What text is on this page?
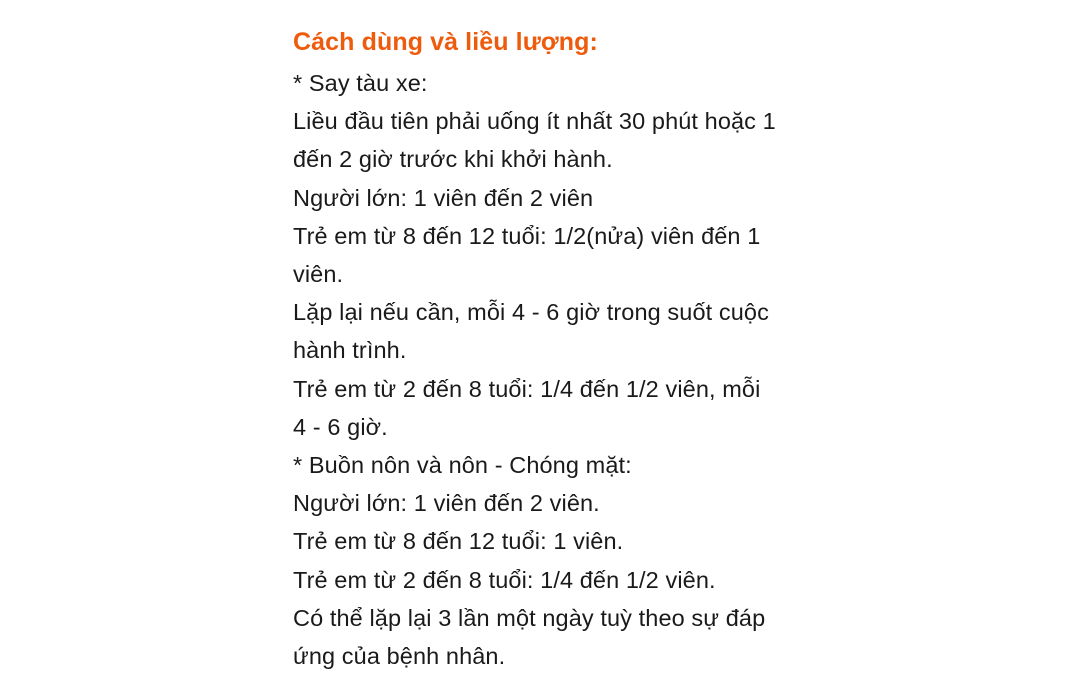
Cách dùng và liều lượng:
* Say tàu xe:
Liều đầu tiên phải uống ít nhất 30 phút hoặc 1
đến 2 giờ trước khi khởi hành.
Người lớn: 1 viên đến 2 viên
Trẻ em từ 8 đến 12 tuổi: 1/2(nửa) viên đến 1
viên.
Lặp lại nếu cần, mỗi 4 - 6 giờ trong suốt cuộc
hành trình.
Trẻ em từ 2 đến 8 tuổi: 1/4 đến 1/2 viên, mỗi
4 - 6 giờ.
* Buồn nôn và nôn - Chóng mặt:
Người lớn: 1 viên đến 2 viên.
Trẻ em từ 8 đến 12 tuổi: 1 viên.
Trẻ em từ 2 đến 8 tuổi: 1/4 đến 1/2 viên.
Có thể lặp lại 3 lần một ngày tuỳ theo sự đáp
ứng của bệnh nhân.
